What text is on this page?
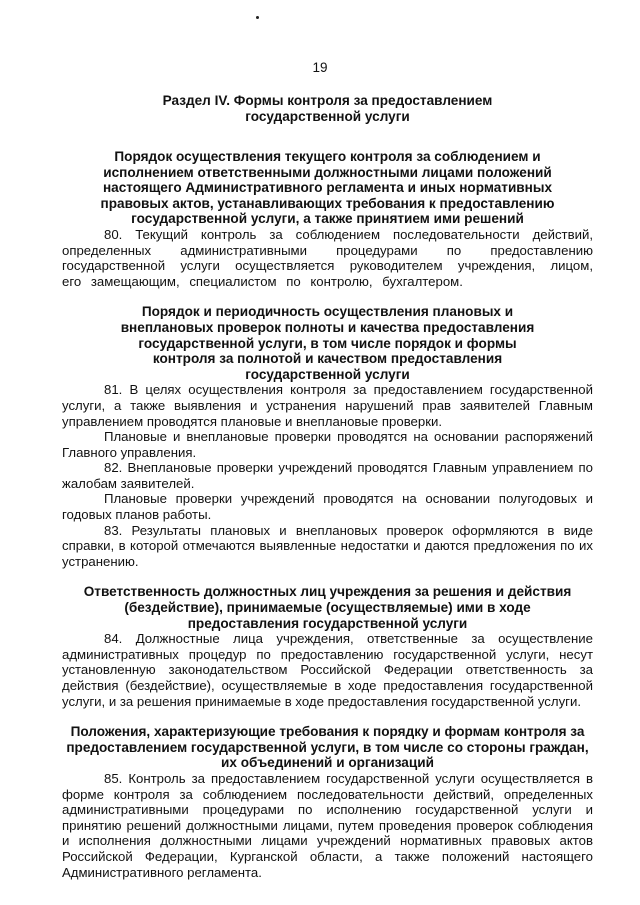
19
Раздел IV. Формы контроля за предоставлением государственной услуги
Порядок осуществления текущего контроля за соблюдением и исполнением ответственными должностными лицами положений настоящего Административного регламента и иных нормативных правовых актов, устанавливающих требования к предоставлению государственной услуги, а также принятием ими решений

80. Текущий контроль за соблюдением последовательности действий, определенных административными процедурами по предоставлению государственной услуги осуществляется руководителем учреждения, лицом, его замещающим, специалистом по контролю, бухгалтером.

Порядок и периодичность осуществления плановых и внеплановых проверок полноты и качества предоставления государственной услуги, в том числе порядок и формы контроля за полнотой и качеством предоставления государственной услуги

81. В целях осуществления контроля за предоставлением государственной услуги, а также выявления и устранения нарушений прав заявителей Главным управлением проводятся плановые и внеплановые проверки.

Плановые и внеплановые проверки проводятся на основании распоряжений Главного управления.

82. Внеплановые проверки учреждений проводятся Главным управлением по жалобам заявителей.

Плановые проверки учреждений проводятся на основании полугодовых и годовых планов работы.

83. Результаты плановых и внеплановых проверок оформляются в виде справки, в которой отмечаются выявленные недостатки и даются предложения по их устранению.

Ответственность должностных лиц учреждения за решения и действия (бездействие), принимаемые (осуществляемые) ими в ходе предоставления государственной услуги

84. Должностные лица учреждения, ответственные за осуществление административных процедур по предоставлению государственной услуги, несут установленную законодательством Российской Федерации ответственность за действия (бездействие), осуществляемые в ходе предоставления государственной услуги, и за решения принимаемые в ходе предоставления государственной услуги.

Положения, характеризующие требования к порядку и формам контроля за предоставлением государственной услуги, в том числе со стороны граждан, их объединений и организаций

85. Контроль за предоставлением государственной услуги осуществляется в форме контроля за соблюдением последовательности действий, определенных административными процедурами по исполнению государственной услуги и принятию решений должностными лицами, путем проведения проверок соблюдения и исполнения должностными лицами учреждений нормативных правовых актов Российской Федерации, Курганской области, а также положений настоящего Административного регламента.
